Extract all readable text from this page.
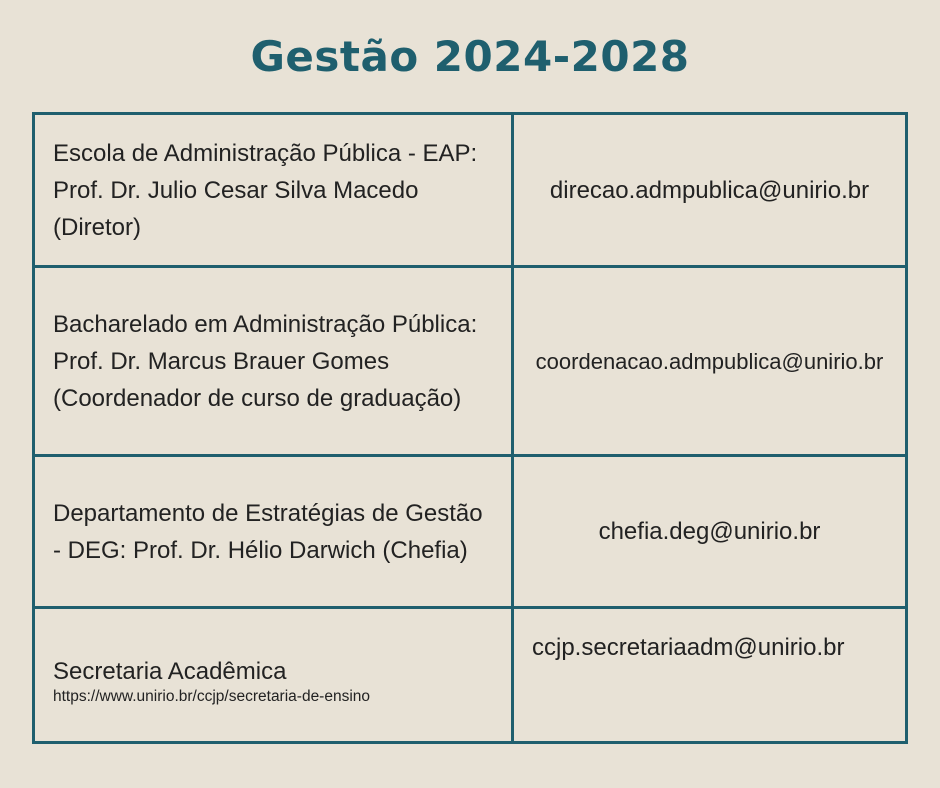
Gestão 2024-2028
Escola de Administração Pública - EAP: Prof. Dr. Julio Cesar Silva Macedo (Diretor)	direcao.admpublica@unirio.br
Bacharelado em Administração Pública: Prof. Dr. Marcus Brauer Gomes (Coordenador de curso de graduação)	coordenacao.admpublica@unirio.br
Departamento de Estratégias de Gestão - DEG: Prof. Dr. Hélio Darwich (Chefia)	chefia.deg@unirio.br

Secretaria Acadêmica
https://www.unirio.br/ccjp/secretaria-de-ensino	ccjp.secretariaadm@unirio.br
